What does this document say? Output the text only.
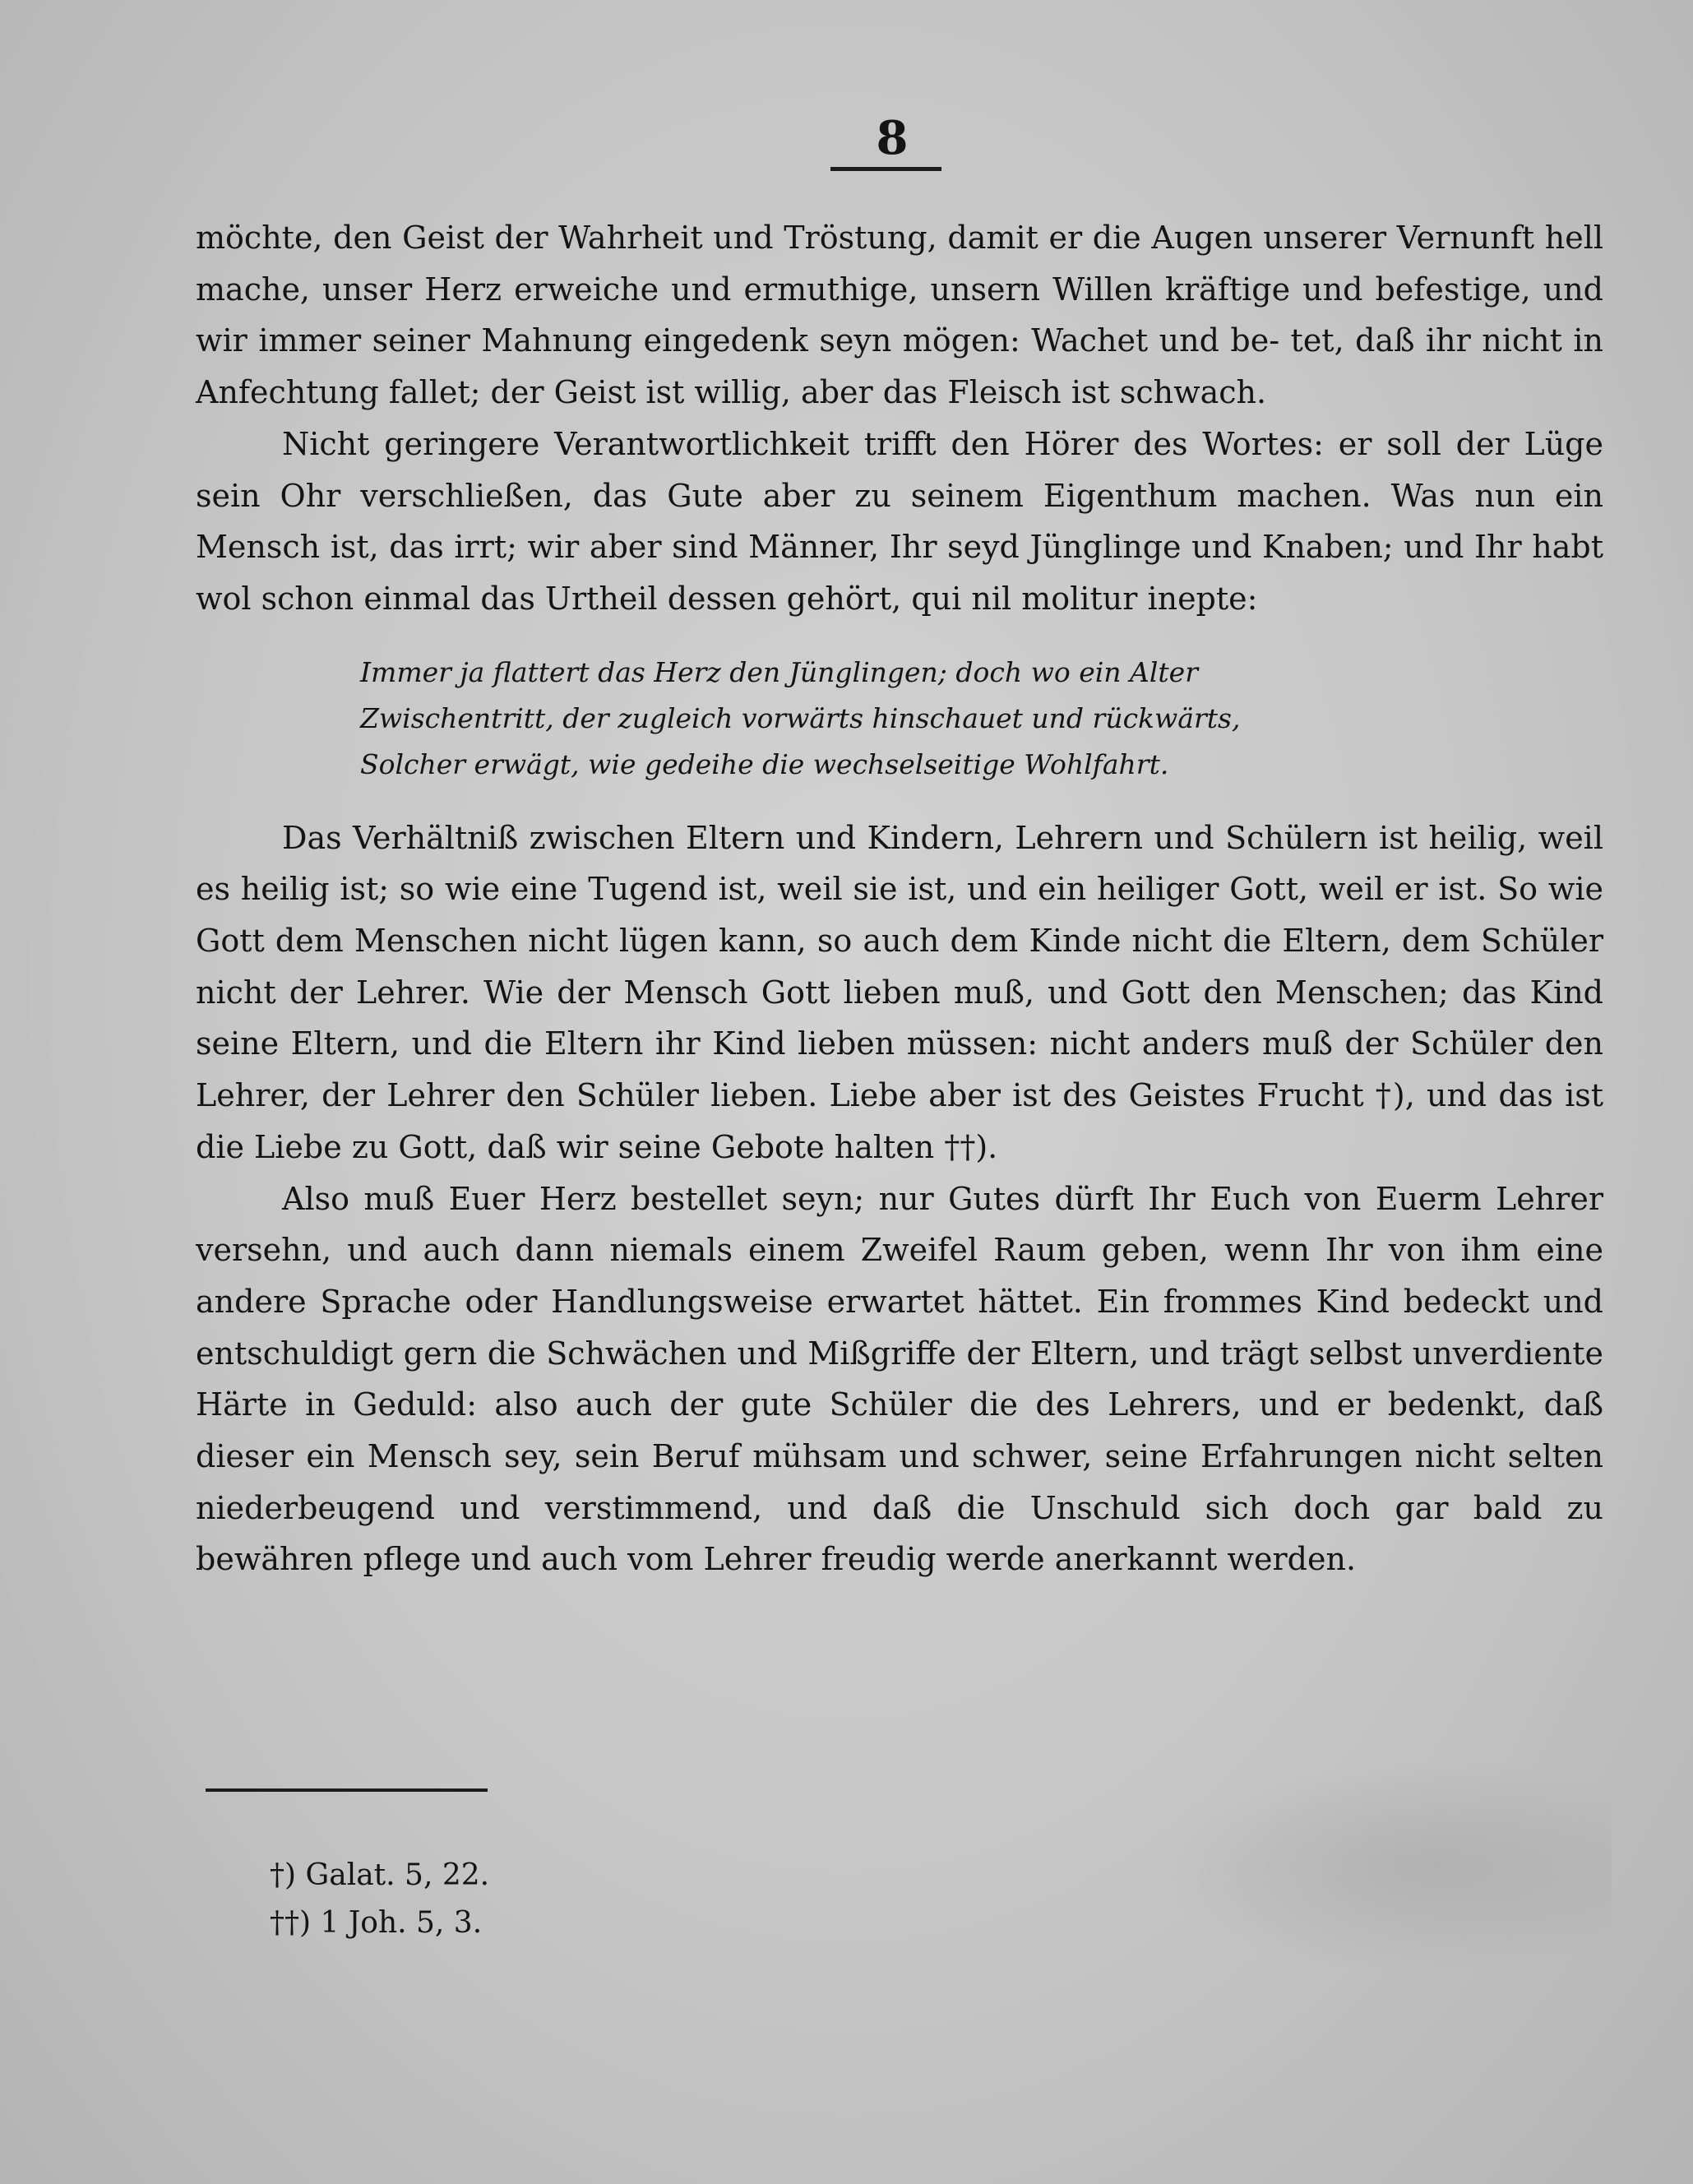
8

möchte, den Geist der Wahrheit und Tröstung, damit er die Augen unserer Vernunft hell mache, unser Herz erweiche und ermuthige, unsern Willen kräftige und befestige, und wir immer seiner Mahnung eingedenk seyn mögen: Wachet und be- tet, daß ihr nicht in Anfechtung fallet; der Geist ist willig, aber das Fleisch ist schwach.

Nicht geringere Verantwortlichkeit trifft den Hörer des Wortes: er soll der Lüge sein Ohr verschließen, das Gute aber zu seinem Eigenthum machen. Was nun ein Mensch ist, das irrt; wir aber sind Männer, Ihr seyd Jünglinge und Knaben; und Ihr habt wol schon einmal das Urtheil dessen gehört, qui nil molitur inepte:

Immer ja flattert das Herz den Jünglingen; doch wo ein Alter
Zwischentritt, der zugleich vorwärts hinschauet und rückwärts,
Solcher erwägt, wie gedeihe die wechselseitige Wohlfahrt.

Das Verhältniß zwischen Eltern und Kindern, Lehrern und Schülern ist heilig, weil es heilig ist; so wie eine Tugend ist, weil sie ist, und ein heiliger Gott, weil er ist. So wie Gott dem Menschen nicht lügen kann, so auch dem Kinde nicht die Eltern, dem Schüler nicht der Lehrer. Wie der Mensch Gott lieben muß, und Gott den Menschen; das Kind seine Eltern, und die Eltern ihr Kind lieben müssen: nicht anders muß der Schüler den Lehrer, der Lehrer den Schüler lieben. Liebe aber ist des Geistes Frucht †), und das ist die Liebe zu Gott, daß wir seine Gebote halten ††).

Also muß Euer Herz bestellet seyn; nur Gutes dürft Ihr Euch von Euerm Lehrer versehn, und auch dann niemals einem Zweifel Raum geben, wenn Ihr von ihm eine andere Sprache oder Handlungsweise erwartet hättet. Ein frommes Kind bedeckt und entschuldigt gern die Schwächen und Mißgriffe der Eltern, und trägt selbst unverdiente Härte in Geduld: also auch der gute Schüler die des Lehrers, und er bedenkt, daß dieser ein Mensch sey, sein Beruf mühsam und schwer, seine Erfahrungen nicht selten niederbeugend und verstimmend, und daß die Unschuld sich doch gar bald zu bewähren pflege und auch vom Lehrer freudig werde anerkannt werden.

†) Galat. 5, 22.
††) 1 Joh. 5, 3.
